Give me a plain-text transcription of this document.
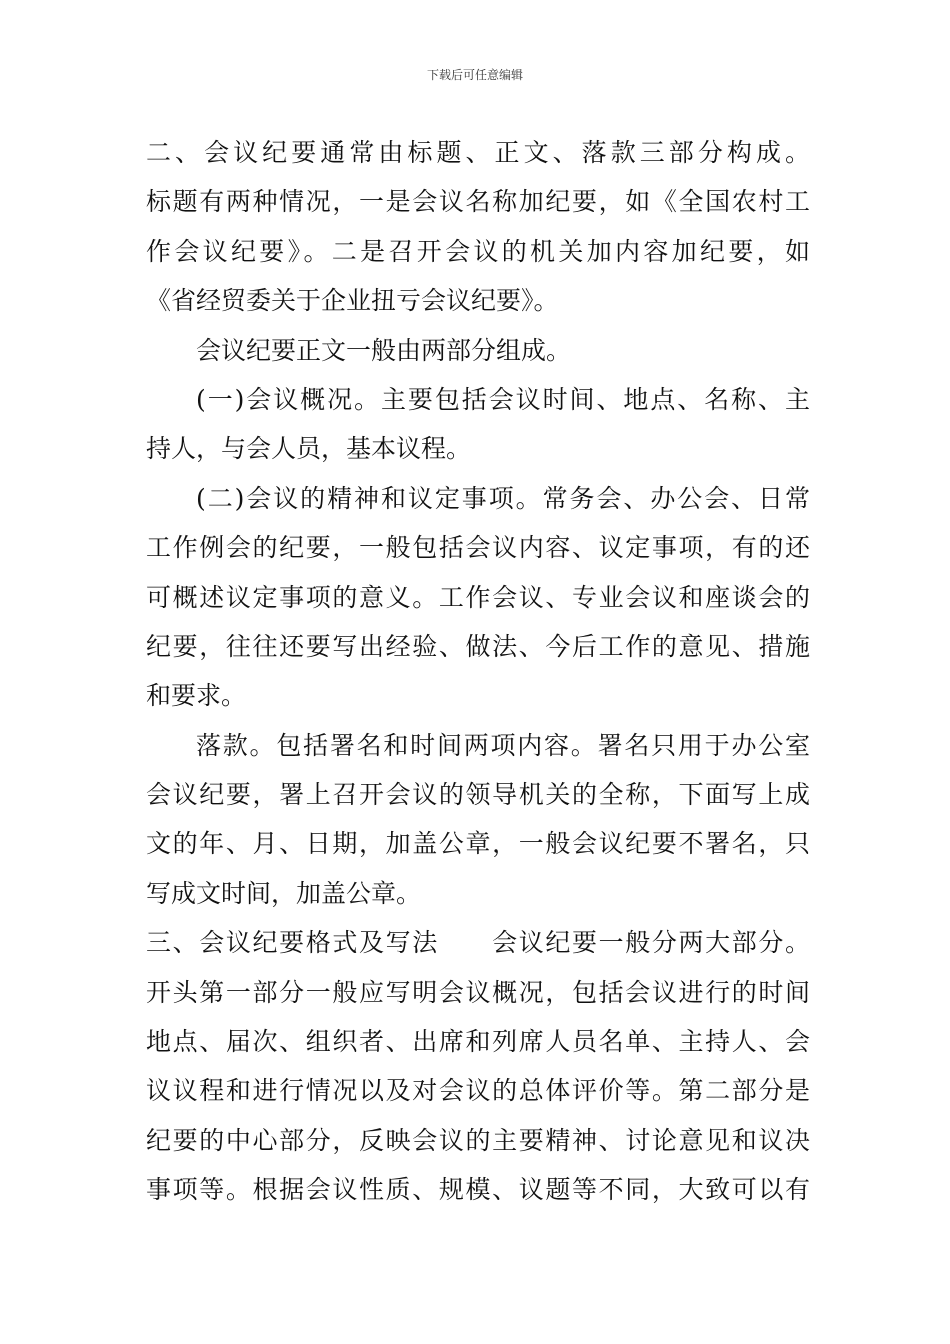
下载后可任意编辑
二、会议纪要通常由标题、正文、落款三部分构成。
标题有两种情况，一是会议名称加纪要，如《全国农村工
作会议纪要》。二是召开会议的机关加内容加纪要，如
《省经贸委关于企业扭亏会议纪要》。
会议纪要正文一般由两部分组成。
(一)会议概况。主要包括会议时间、地点、名称、主
持人，与会人员，基本议程。
(二)会议的精神和议定事项。常务会、办公会、日常
工作例会的纪要，一般包括会议内容、议定事项，有的还
可概述议定事项的意义。工作会议、专业会议和座谈会的
纪要，往往还要写出经验、做法、今后工作的意见、措施
和要求。
落款。包括署名和时间两项内容。署名只用于办公室
会议纪要，署上召开会议的领导机关的全称，下面写上成
文的年、月、日期，加盖公章，一般会议纪要不署名，只
写成文时间，加盖公章。
三、会议纪要格式及写法　　会议纪要一般分两大部分。
开头第一部分一般应写明会议概况，包括会议进行的时间
地点、届次、组织者、出席和列席人员名单、主持人、会
议议程和进行情况以及对会议的总体评价等。第二部分是
纪要的中心部分，反映会议的主要精神、讨论意见和议决
事项等。根据会议性质、规模、议题等不同，大致可以有
